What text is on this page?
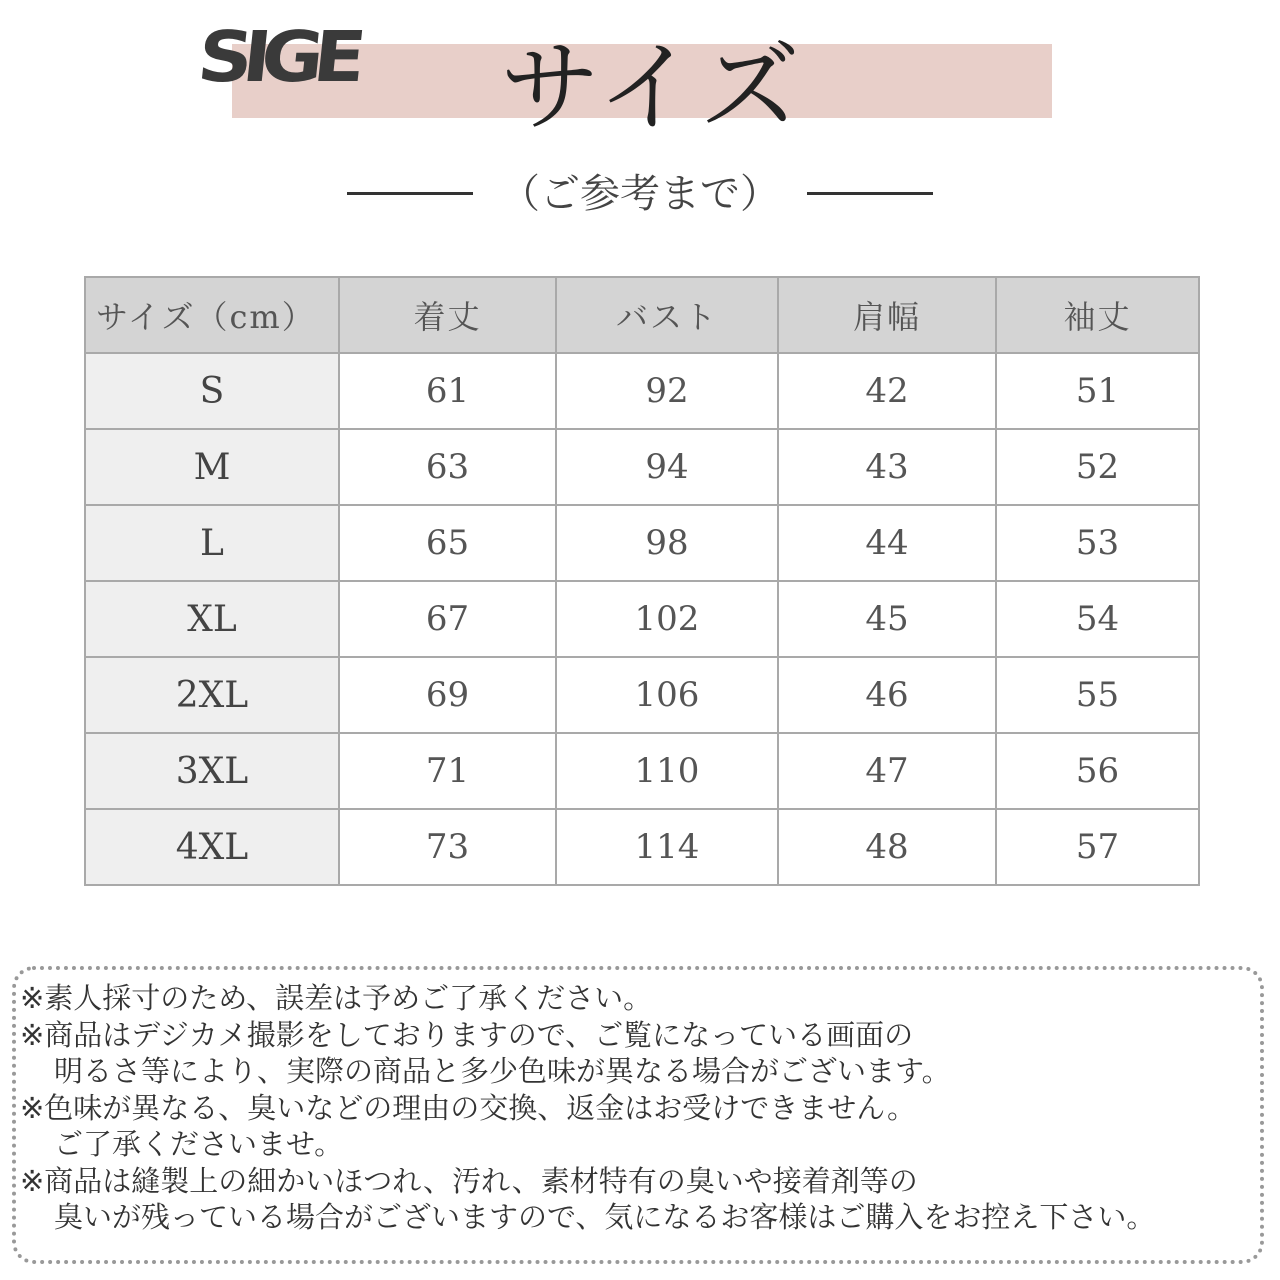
SIGE サイズ
（ご参考まで）
サイズ（cm）	着丈	バスト	肩幅	袖丈
S	61	92	42	51
M	63	94	43	52
L	65	98	44	53
XL	67	102	45	54
2XL	69	106	46	55
3XL	71	110	47	56
4XL	73	114	48	57
※素人採寸のため、誤差は予めご了承ください。
※商品はデジカメ撮影をしておりますので、ご覧になっている画面の
明るさ等により、実際の商品と多少色味が異なる場合がございます。
※色味が異なる、臭いなどの理由の交換、返金はお受けできません。
ご了承くださいませ。
※商品は縫製上の細かいほつれ、汚れ、素材特有の臭いや接着剤等の
臭いが残っている場合がございますので、気になるお客様はご購入をお控え下さい。
